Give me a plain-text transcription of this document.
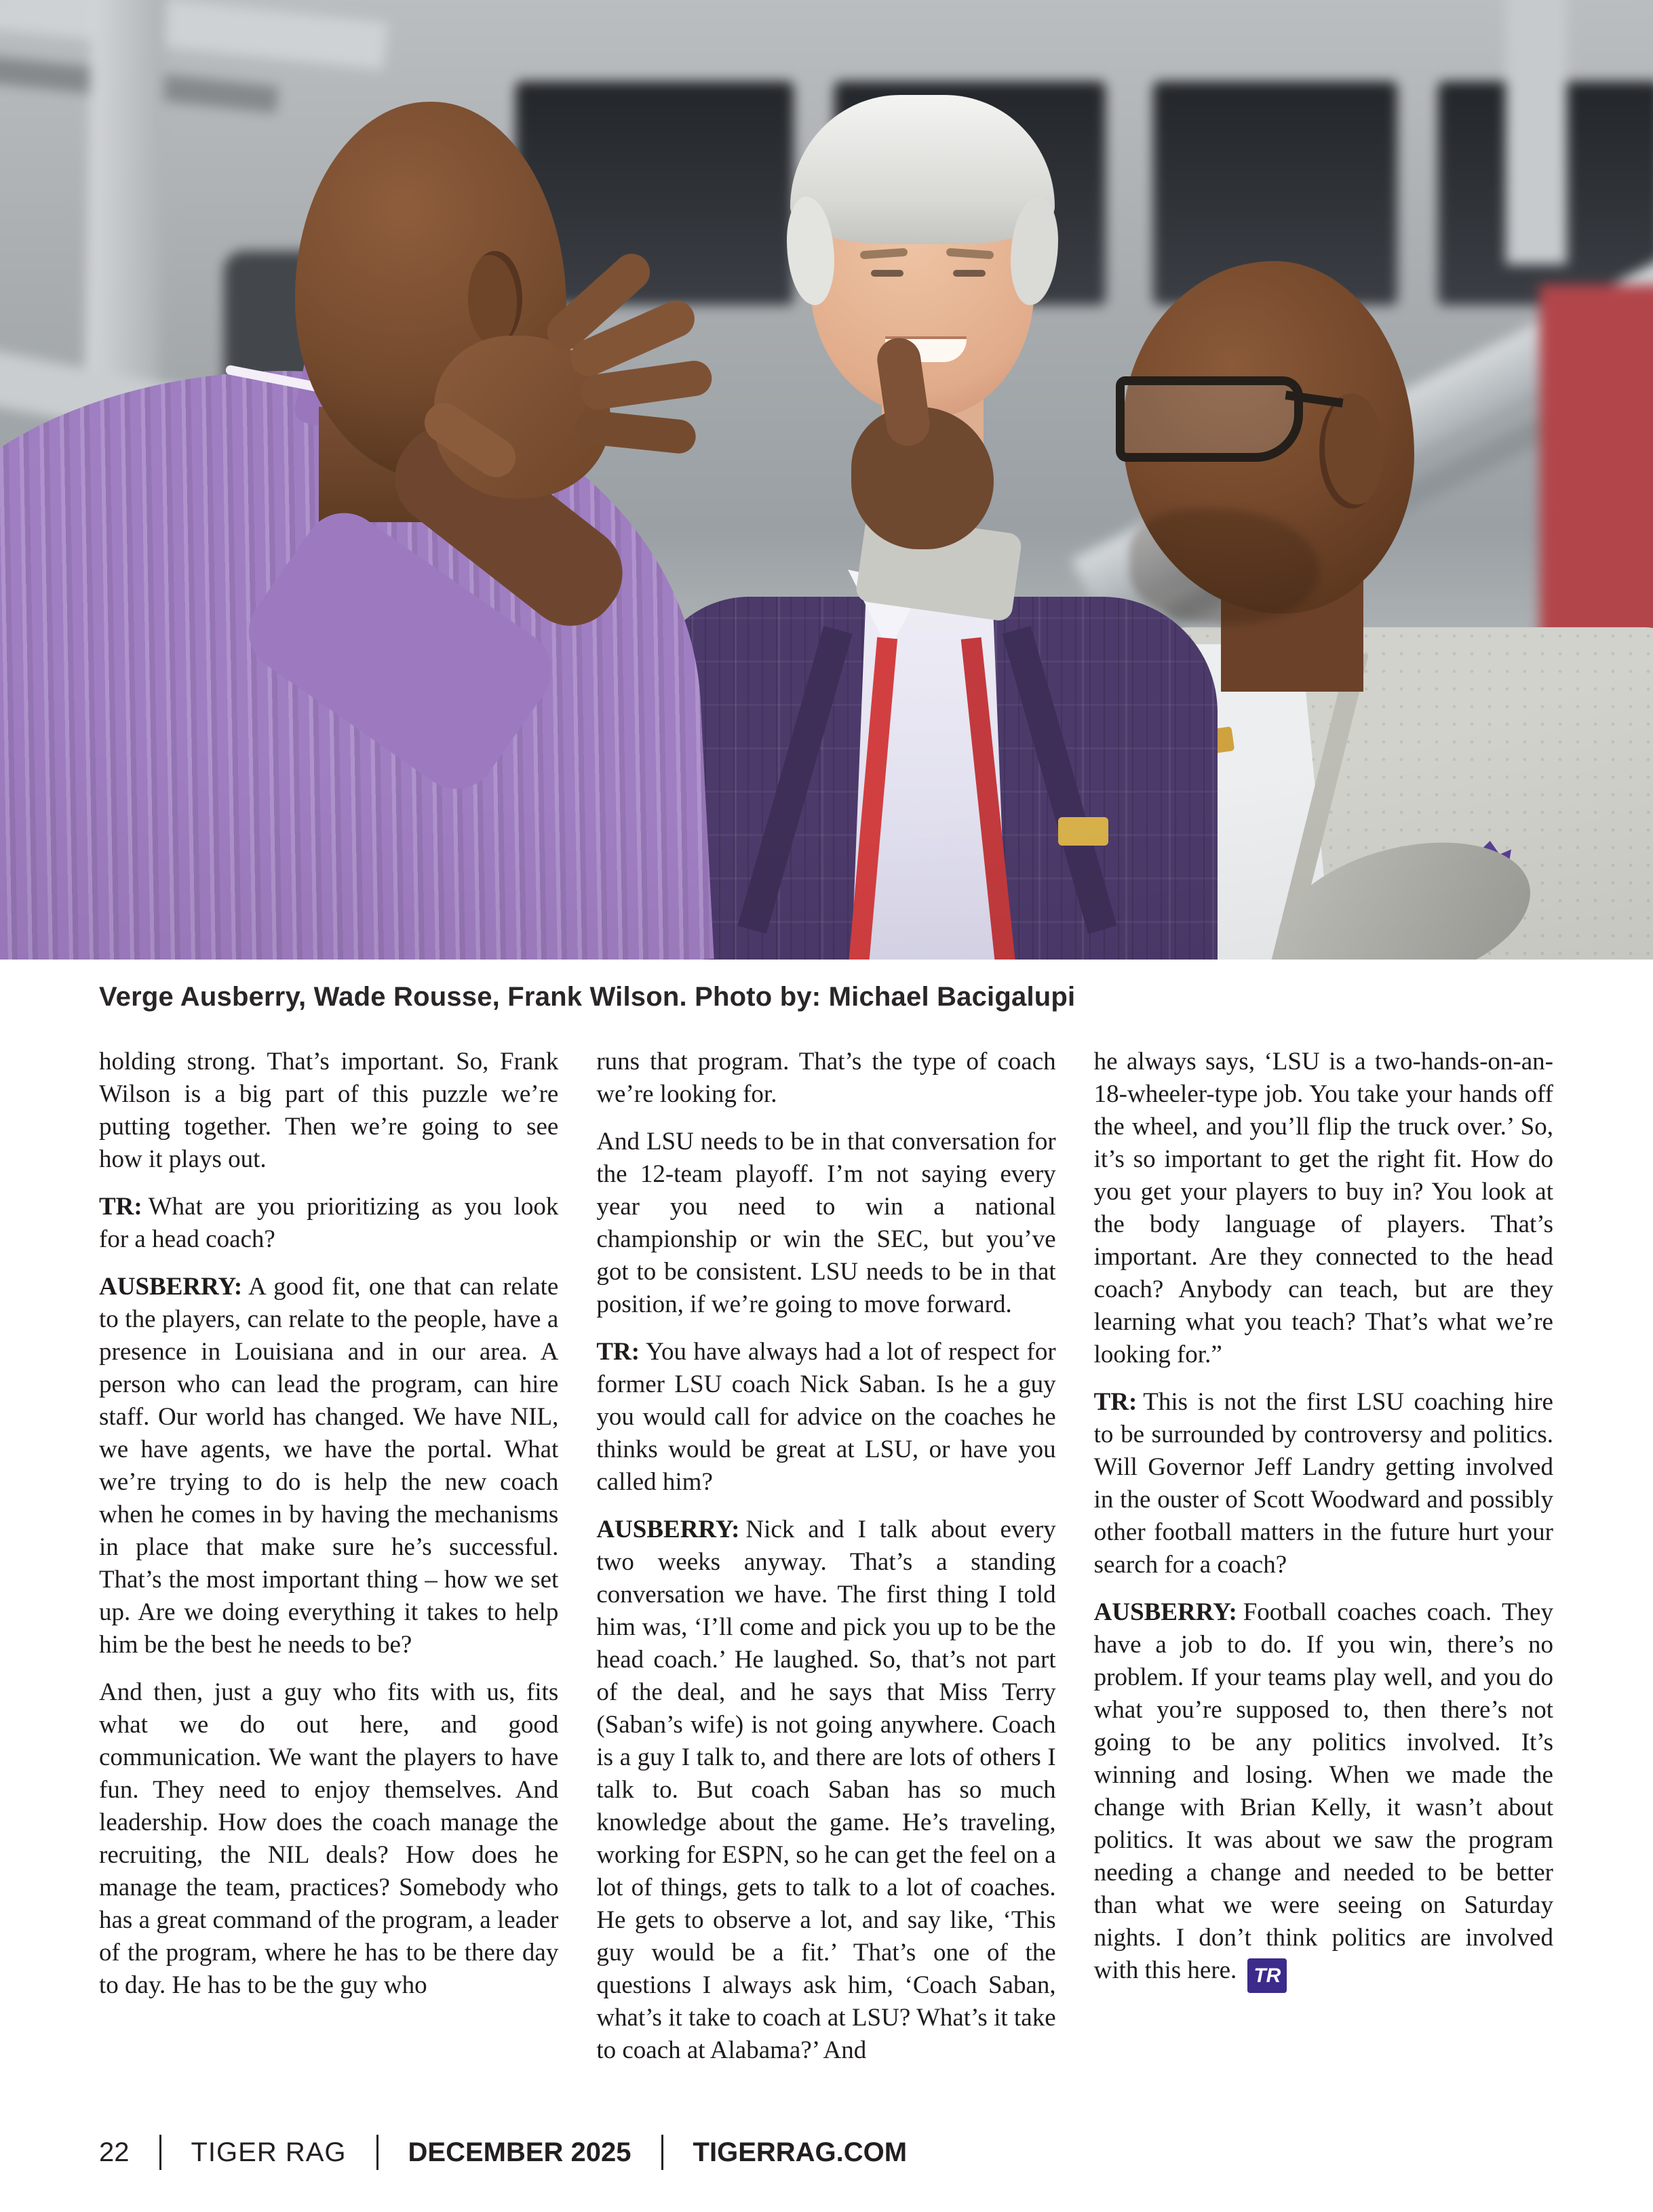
Verge Ausberry, Wade Rousse, Frank Wilson. Photo by: Michael Bacigalupi

holding strong. That’s important. So, Frank Wilson is a big part of this puzzle we’re putting together. Then we’re going to see how it plays out.

TR: What are you prioritizing as you look for a head coach?

AUSBERRY: A good fit, one that can relate to the players, can relate to the people, have a presence in Louisiana and in our area. A person who can lead the program, can hire staff. Our world has changed. We have NIL, we have agents, we have the portal. What we’re trying to do is help the new coach when he comes in by having the mechanisms in place that make sure he’s successful. That’s the most important thing – how we set up. Are we doing everything it takes to help him be the best he needs to be?

And then, just a guy who fits with us, fits what we do out here, and good communication. We want the players to have fun. They need to enjoy themselves. And leadership. How does the coach manage the recruiting, the NIL deals? How does he manage the team, practices? Somebody who has a great command of the program, a leader of the program, where he has to be there day to day. He has to be the guy who

runs that program. That’s the type of coach we’re looking for.

And LSU needs to be in that conversation for the 12-team playoff. I’m not saying every year you need to win a national championship or win the SEC, but you’ve got to be consistent. LSU needs to be in that position, if we’re going to move forward.

TR: You have always had a lot of respect for former LSU coach Nick Saban. Is he a guy you would call for advice on the coaches he thinks would be great at LSU, or have you called him?

AUSBERRY: Nick and I talk about every two weeks anyway. That’s a standing conversation we have. The first thing I told him was, ‘I’ll come and pick you up to be the head coach.’ He laughed. So, that’s not part of the deal, and he says that Miss Terry (Saban’s wife) is not going anywhere. Coach is a guy I talk to, and there are lots of others I talk to. But coach Saban has so much knowledge about the game. He’s traveling, working for ESPN, so he can get the feel on a lot of things, gets to talk to a lot of coaches. He gets to observe a lot, and say like, ‘This guy would be a fit.’ That’s one of the questions I always ask him, ‘Coach Saban, what’s it take to coach at LSU? What’s it take to coach at Alabama?’ And

he always says, ‘LSU is a two-hands-on-an-18-wheeler-type job. You take your hands off the wheel, and you’ll flip the truck over.’ So, it’s so important to get the right fit. How do you get your players to buy in? You look at the body language of players. That’s important. Are they connected to the head coach? Anybody can teach, but are they learning what you teach? That’s what we’re looking for.”

TR: This is not the first LSU coaching hire to be surrounded by controversy and politics. Will Governor Jeff Landry getting involved in the ouster of Scott Woodward and possibly other football matters in the future hurt your search for a coach?

AUSBERRY: Football coaches coach. They have a job to do. If you win, there’s no problem. If your teams play well, and you do what you’re supposed to, then there’s not going to be any politics involved. It’s winning and losing. When we made the change with Brian Kelly, it wasn’t about politics. It was about we saw the program needing a change and needed to be better than what we were seeing on Saturday nights. I don’t think politics are involved with this here. TR

22 TIGER RAG DECEMBER 2025 TIGERRAG.COM
